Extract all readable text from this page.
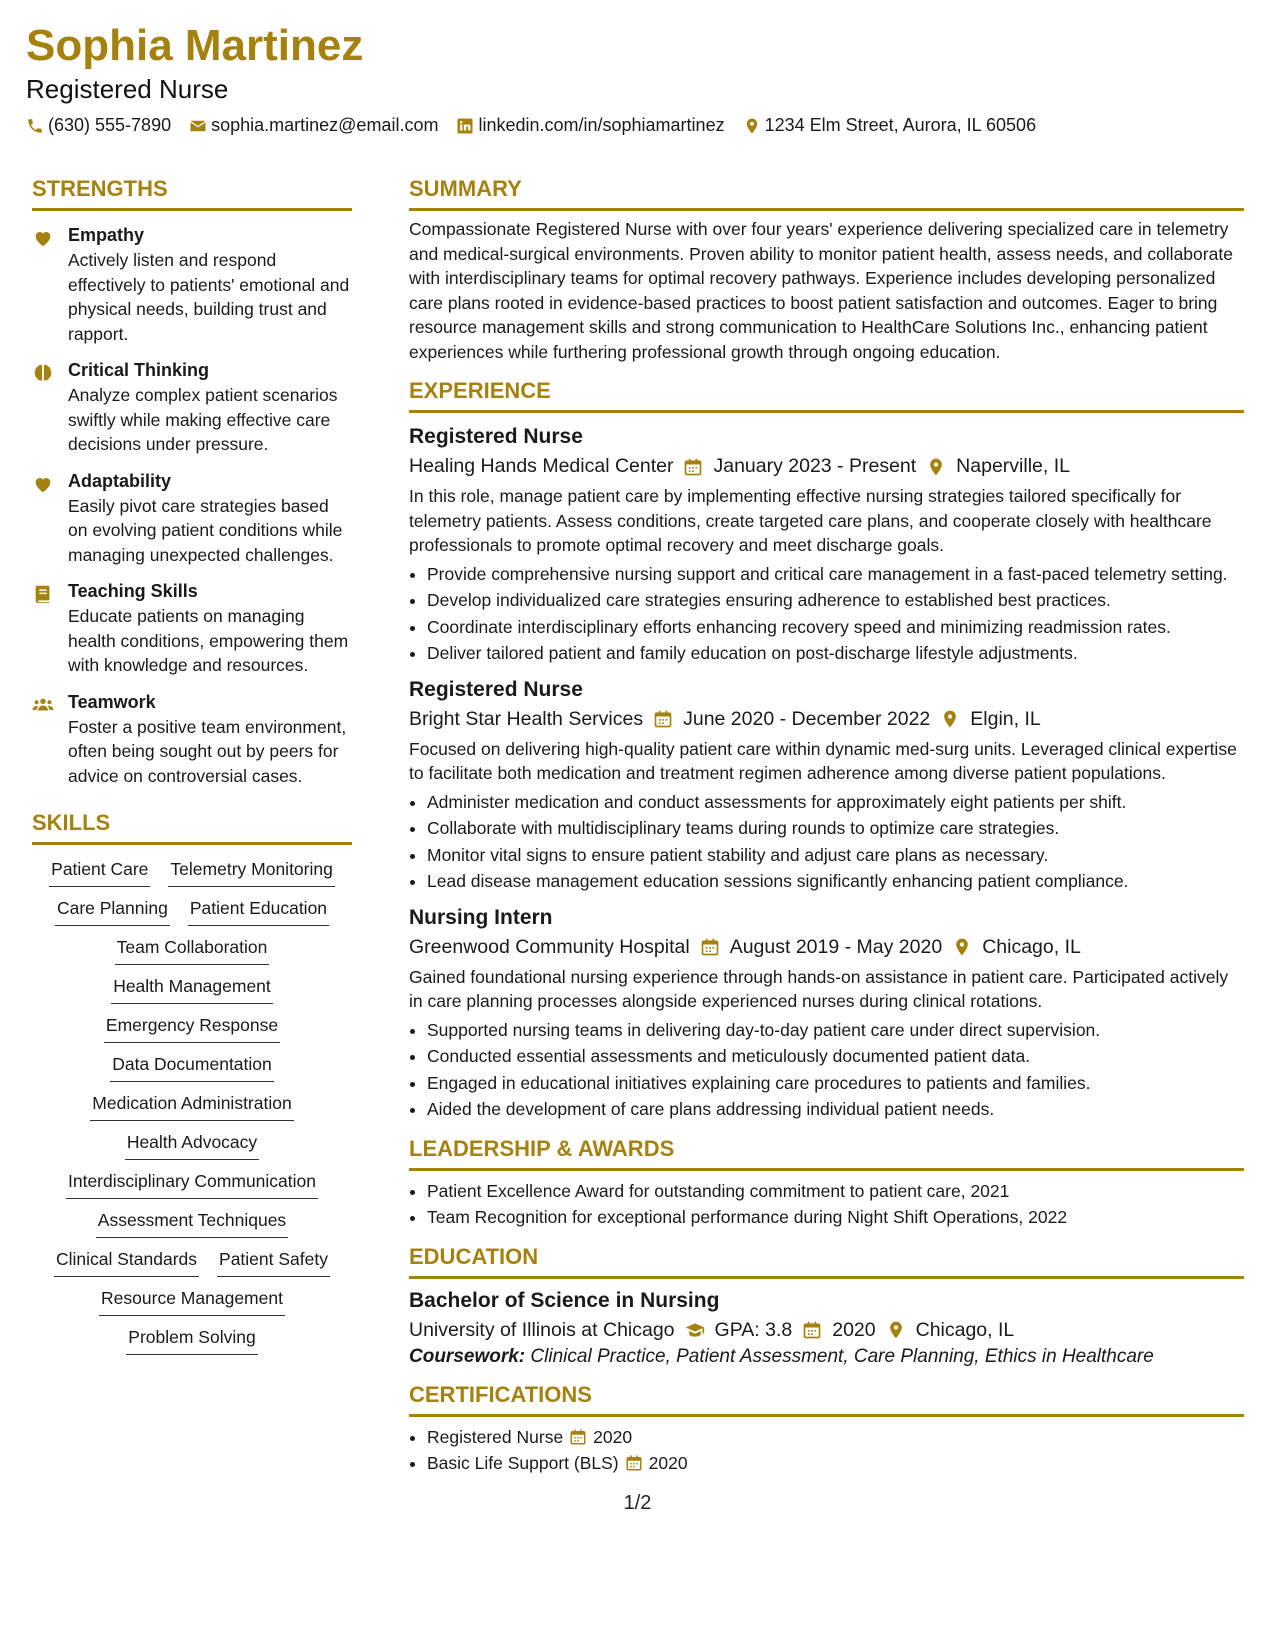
Sophia Martinez
Registered Nurse
(630) 555-7890 sophia.martinez@email.com linkedin.com/in/sophiamartinez 1234 Elm Street, Aurora, IL 60506
STRENGTHS
Empathy
Actively listen and respond effectively to patients' emotional and physical needs, building trust and rapport.
Critical Thinking
Analyze complex patient scenarios swiftly while making effective care decisions under pressure.
Adaptability
Easily pivot care strategies based on evolving patient conditions while managing unexpected challenges.
Teaching Skills
Educate patients on managing health conditions, empowering them with knowledge and resources.
Teamwork
Foster a positive team environment, often being sought out by peers for advice on controversial cases.
SKILLS
Patient Care Telemetry Monitoring
Care Planning Patient Education
Team Collaboration
Health Management
Emergency Response
Data Documentation
Medication Administration
Health Advocacy
Interdisciplinary Communication
Assessment Techniques
Clinical Standards Patient Safety
Resource Management
Problem Solving
SUMMARY

Compassionate Registered Nurse with over four years' experience delivering specialized care in telemetry and medical-surgical environments. Proven ability to monitor patient health, assess needs, and collaborate with interdisciplinary teams for optimal recovery pathways. Experience includes developing personalized care plans rooted in evidence-based practices to boost patient satisfaction and outcomes. Eager to bring resource management skills and strong communication to HealthCare Solutions Inc., enhancing patient experiences while furthering professional growth through ongoing education.

EXPERIENCE
Registered Nurse
Healing Hands Medical Center January 2023 - Present Naperville, IL

In this role, manage patient care by implementing effective nursing strategies tailored specifically for telemetry patients. Assess conditions, create targeted care plans, and cooperate closely with healthcare professionals to promote optimal recovery and meet discharge goals.

• Provide comprehensive nursing support and critical care management in a fast-paced telemetry setting.
• Develop individualized care strategies ensuring adherence to established best practices.
• Coordinate interdisciplinary efforts enhancing recovery speed and minimizing readmission rates.
• Deliver tailored patient and family education on post-discharge lifestyle adjustments.
Registered Nurse
Bright Star Health Services June 2020 - December 2022 Elgin, IL

Focused on delivering high-quality patient care within dynamic med-surg units. Leveraged clinical expertise to facilitate both medication and treatment regimen adherence among diverse patient populations.

• Administer medication and conduct assessments for approximately eight patients per shift.
• Collaborate with multidisciplinary teams during rounds to optimize care strategies.
• Monitor vital signs to ensure patient stability and adjust care plans as necessary.
• Lead disease management education sessions significantly enhancing patient compliance.
Nursing Intern
Greenwood Community Hospital August 2019 - May 2020 Chicago, IL

Gained foundational nursing experience through hands-on assistance in patient care. Participated actively in care planning processes alongside experienced nurses during clinical rotations.

• Supported nursing teams in delivering day-to-day patient care under direct supervision.
• Conducted essential assessments and meticulously documented patient data.
• Engaged in educational initiatives explaining care procedures to patients and families.
• Aided the development of care plans addressing individual patient needs.
LEADERSHIP & AWARDS
• Patient Excellence Award for outstanding commitment to patient care, 2021
• Team Recognition for exceptional performance during Night Shift Operations, 2022
EDUCATION
Bachelor of Science in Nursing
University of Illinois at Chicago GPA: 3.8 2020 Chicago, IL
Coursework: Clinical Practice, Patient Assessment, Care Planning, Ethics in Healthcare
CERTIFICATIONS
• Registered Nurse 2020
• Basic Life Support (BLS) 2020
1/2
